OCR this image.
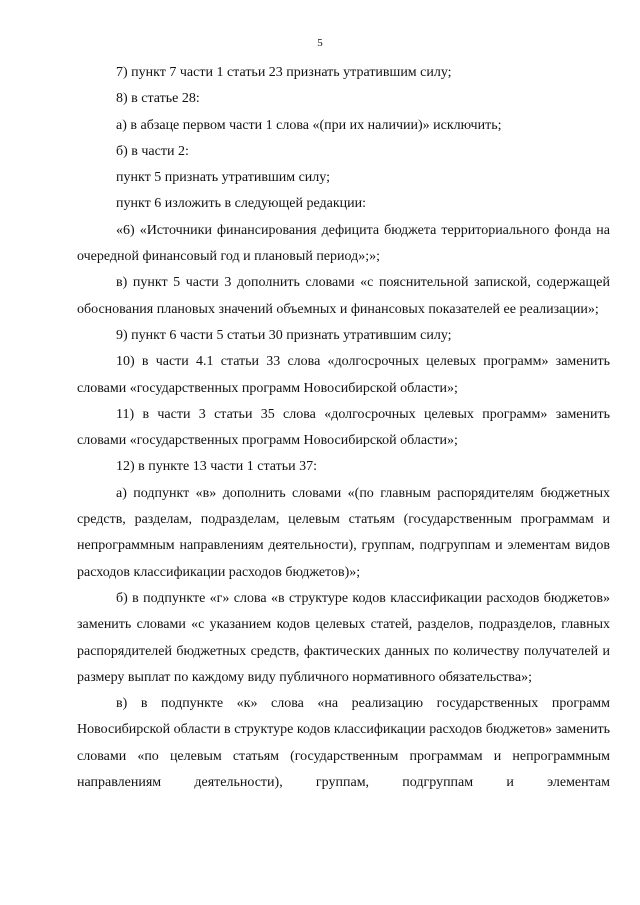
5

7) пункт 7 части 1 статьи 23 признать утратившим силу;

8) в статье 28:

а) в абзаце первом части 1 слова «(при их наличии)» исключить;

б) в части 2:

пункт 5 признать утратившим силу;

пункт 6 изложить в следующей редакции:

«6) «Источники финансирования дефицита бюджета территориального фонда на очередной финансовый год и плановый период»;»;

в) пункт 5 части 3 дополнить словами «с пояснительной запиской, содержащей обоснования плановых значений объемных и финансовых показателей ее реализации»;

9) пункт 6 части 5 статьи 30 признать утратившим силу;

10) в части 4.1 статьи 33 слова «долгосрочных целевых программ» заменить словами «государственных программ Новосибирской области»;

11) в части 3 статьи 35 слова «долгосрочных целевых программ» заменить словами «государственных программ Новосибирской области»;

12) в пункте 13 части 1 статьи 37:

а) подпункт «в» дополнить словами «(по главным распорядителям бюджетных средств, разделам, подразделам, целевым статьям (государственным программам и непрограммным направлениям деятельности), группам, подгруппам и элементам видов расходов классификации расходов бюджетов)»;

б) в подпункте «г» слова «в структуре кодов классификации расходов бюджетов» заменить словами «с указанием кодов целевых статей, разделов, подразделов, главных распорядителей бюджетных средств, фактических данных по количеству получателей и размеру выплат по каждому виду публичного нормативного обязательства»;

в) в подпункте «к» слова «на реализацию государственных программ Новосибирской области в структуре кодов классификации расходов бюджетов» заменить словами «по целевым статьям (государственным программам и непрограммным направлениям деятельности), группам, подгруппам и элементам
